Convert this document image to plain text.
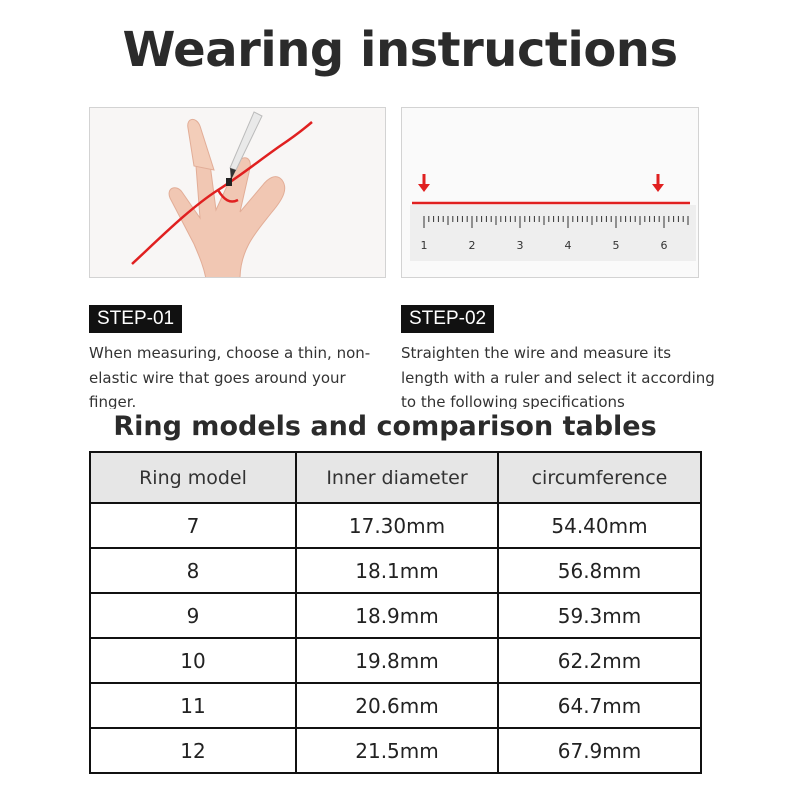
Wearing instructions
1	2	3	4	5	6
STEP-01	STEP-02
When measuring, choose a thin, non-elastic wire that goes around your finger.
Straighten the wire and measure its length with a ruler and select it according to the following specifications
Ring models and comparison tables
Ring model	Inner diameter	circumference
7	17.30mm	54.40mm
8	18.1mm	56.8mm
9	18.9mm	59.3mm
10	19.8mm	62.2mm
11	20.6mm	64.7mm
12	21.5mm	67.9mm
